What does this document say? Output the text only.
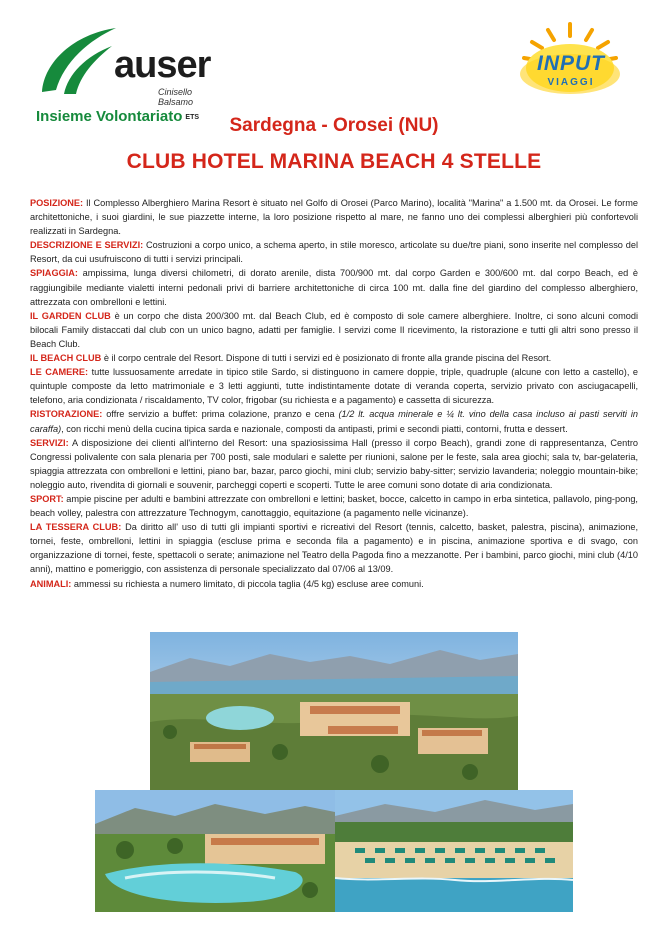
auser
Cinisello Balsamo
Insieme Volontariato ETS
INPUT
VIAGGI
Sardegna - Orosei (NU)
CLUB HOTEL MARINA BEACH 4 STELLE

POSIZIONE: Il Complesso Alberghiero Marina Resort è situato nel Golfo di Orosei (Parco Marino), località "Marina" a 1.500 mt. da Orosei. Le forme architettoniche, i suoi giardini, le sue piazzette interne, la loro posizione rispetto al mare, ne fanno uno dei complessi alberghieri più confortevoli realizzati in Sardegna.

DESCRIZIONE E SERVIZI: Costruzioni a corpo unico, a schema aperto, in stile moresco, articolate su due/tre piani, sono inserite nel complesso del Resort, da cui usufruiscono di tutti i servizi principali.

SPIAGGIA: ampissima, lunga diversi chilometri, di dorato arenile, dista 700/900 mt. dal corpo Garden e 300/600 mt. dal corpo Beach, ed è raggiungibile mediante vialetti interni pedonali privi di barriere architettoniche di circa 100 mt. dalla fine del giardino del complesso alberghiero, attrezzata con ombrelloni e lettini.

IL GARDEN CLUB è un corpo che dista 200/300 mt. dal Beach Club, ed è composto di sole camere alberghiere. Inoltre, ci sono alcuni comodi bilocali Family distaccati dal club con un unico bagno, adatti per famiglie. I servizi come Il ricevimento, la ristorazione e tutti gli altri sono presso il Beach Club.

IL BEACH CLUB è il corpo centrale del Resort. Dispone di tutti i servizi ed è posizionato di fronte alla grande piscina del Resort.

LE CAMERE: tutte lussuosamente arredate in tipico stile Sardo, si distinguono in camere doppie, triple, quadruple (alcune con letto a castello), e quintuple composte da letto matrimoniale e 3 letti aggiunti, tutte indistintamente dotate di veranda coperta, servizio privato con asciugacapelli, telefono, aria condizionata / riscaldamento, TV color, frigobar (su richiesta e a pagamento) e cassetta di sicurezza.

RISTORAZIONE: offre servizio a buffet: prima colazione, pranzo e cena (1/2 lt. acqua minerale e ¼ lt. vino della casa incluso ai pasti serviti in caraffa), con ricchi menù della cucina tipica sarda e nazionale, composti da antipasti, primi e secondi piatti, contorni, frutta e dessert.

SERVIZI: A disposizione dei clienti all'interno del Resort: una spaziosissima Hall (presso il corpo Beach), grandi zone di rappresentanza, Centro Congressi polivalente con sala plenaria per 700 posti, sale modulari e salette per riunioni, salone per le feste, sala area giochi; sala tv, bar-gelateria, spiaggia attrezzata con ombrelloni e lettini, piano bar, bazar, parco giochi, mini club; servizio baby-sitter; servizio lavanderia; noleggio mountain-bike; noleggio auto, rivendita di giornali e souvenir, parcheggi coperti e scoperti. Tutte le aree comuni sono dotate di aria condizionata.

SPORT: ampie piscine per adulti e bambini attrezzate con ombrelloni e lettini; basket, bocce, calcetto in campo in erba sintetica, pallavolo, ping-pong, beach volley, palestra con attrezzature Technogym, canottaggio, equitazione (a pagamento nelle vicinanze).

LA TESSERA CLUB: Da diritto all' uso di tutti gli impianti sportivi e ricreativi del Resort (tennis, calcetto, basket, palestra, piscina), animazione, tornei, feste, ombrelloni, lettini in spiaggia (escluse prima e seconda fila a pagamento) e in piscina, animazione sportiva e di svago, con organizzazione di tornei, feste, spettacoli o serate; animazione nel Teatro della Pagoda fino a mezzanotte. Per i bambini, parco giochi, mini club (4/10 anni), mattino e pomeriggio, con assistenza di personale specializzato dal 07/06 al 13/09.

ANIMALI: ammessi su richiesta a numero limitato, di piccola taglia (4/5 kg) escluse aree comuni.
